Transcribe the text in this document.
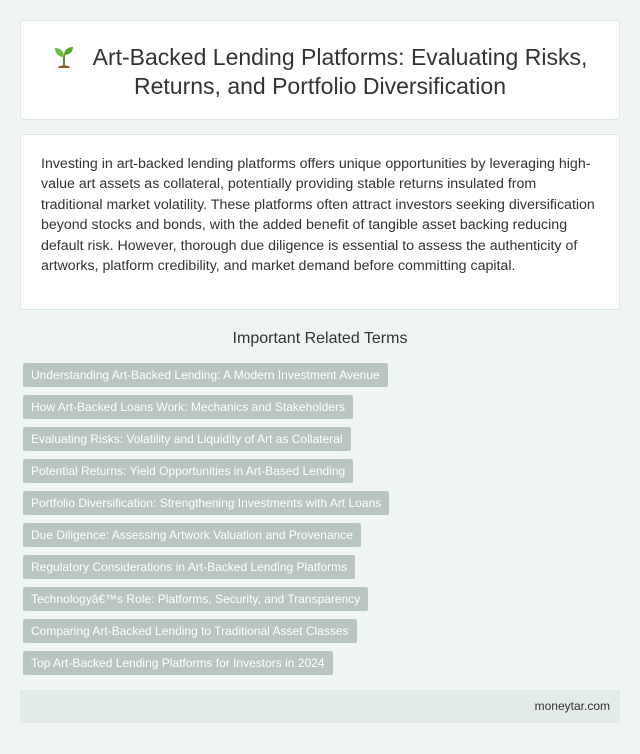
Art-Backed Lending Platforms: Evaluating Risks, Returns, and Portfolio Diversification

Investing in art-backed lending platforms offers unique opportunities by leveraging high-value art assets as collateral, potentially providing stable returns insulated from traditional market volatility. These platforms often attract investors seeking diversification beyond stocks and bonds, with the added benefit of tangible asset backing reducing default risk. However, thorough due diligence is essential to assess the authenticity of artworks, platform credibility, and market demand before committing capital.

Important Related Terms
Understanding Art-Backed Lending: A Modern Investment Avenue
How Art-Backed Loans Work: Mechanics and Stakeholders
Evaluating Risks: Volatility and Liquidity of Art as Collateral
Potential Returns: Yield Opportunities in Art-Based Lending
Portfolio Diversification: Strengthening Investments with Art Loans
Due Diligence: Assessing Artwork Valuation and Provenance
Regulatory Considerations in Art-Backed Lending Platforms
Technologyâ€™s Role: Platforms, Security, and Transparency
Comparing Art-Backed Lending to Traditional Asset Classes
Top Art-Backed Lending Platforms for Investors in 2024
moneytar.com
